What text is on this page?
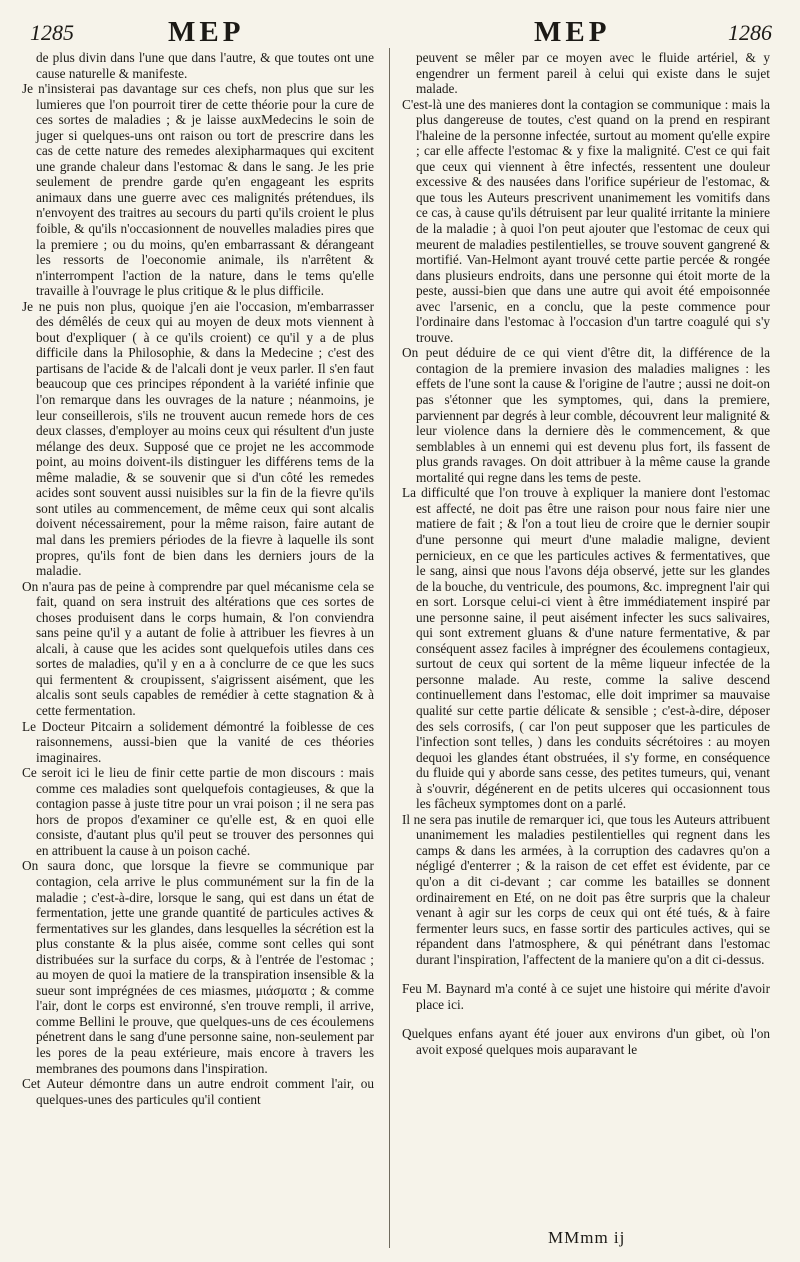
1285	MEP	MEP	1286

de plus divin dans l'une que dans l'autre, & que toutes ont une cause naturelle & manifeste.

Je n'insisterai pas davantage sur ces chefs, non plus que sur les lumieres que l'on pourroit tirer de cette théorie pour la cure de ces sortes de maladies ; & je laisse auxMedecins le soin de juger si quelques-uns ont raison ou tort de prescrire dans les cas de cette nature des remedes alexipharmaques qui excitent une grande chaleur dans l'estomac & dans le sang. Je les prie seulement de prendre garde qu'en engageant les esprits animaux dans une guerre avec ces malignités prétendues, ils n'envoyent des traitres au secours du parti qu'ils croient le plus foible, & qu'ils n'occasionnent de nouvelles maladies pires que la premiere ; ou du moins, qu'en embarrassant & dérangeant les ressorts de l'oeconomie animale, ils n'arrêtent & n'interrompent l'action de la nature, dans le tems qu'elle travaille à l'ouvrage le plus critique & le plus difficile.

Je ne puis non plus, quoique j'en aie l'occasion, m'embarrasser des démêlés de ceux qui au moyen de deux mots viennent à bout d'expliquer ( à ce qu'ils croient) ce qu'il y a de plus difficile dans la Philosophie, & dans la Medecine ; c'est des partisans de l'acide & de l'alcali dont je veux parler. Il s'en faut beaucoup que ces principes répondent à la variété infinie que l'on remarque dans les ouvrages de la nature ; néanmoins, je leur conseillerois, s'ils ne trouvent aucun remede hors de ces deux classes, d'employer au moins ceux qui résultent d'un juste mélange des deux. Supposé que ce projet ne les accommode point, au moins doivent-ils distinguer les différens tems de la même maladie, & se souvenir que si d'un côté les remedes acides sont souvent aussi nuisibles sur la fin de la fievre qu'ils sont utiles au commencement, de même ceux qui sont alcalis doivent nécessairement, pour la même raison, faire autant de mal dans les premiers périodes de la fievre à laquelle ils sont propres, qu'ils font de bien dans les derniers jours de la maladie.

On n'aura pas de peine à comprendre par quel mécanisme cela se fait, quand on sera instruit des altérations que ces sortes de choses produisent dans le corps humain, & l'on conviendra sans peine qu'il y a autant de folie à attribuer les fievres à un alcali, à cause que les acides sont quelquefois utiles dans ces sortes de maladies, qu'il y en a à conclurre de ce que les sucs qui fermentent & croupissent, s'aigrissent aisément, que les alcalis sont seuls capables de remédier à cette stagnation & à cette fermentation.

Le Docteur Pitcairn a solidement démontré la foiblesse de ces raisonnemens, aussi-bien que la vanité de ces théories imaginaires.

Ce seroit ici le lieu de finir cette partie de mon discours : mais comme ces maladies sont quelquefois contagieuses, & que la contagion passe à juste titre pour un vrai poison ; il ne sera pas hors de propos d'examiner ce qu'elle est, & en quoi elle consiste, d'autant plus qu'il peut se trouver des personnes qui en attribuent la cause à un poison caché.

On saura donc, que lorsque la fievre se communique par contagion, cela arrive le plus communément sur la fin de la maladie ; c'est-à-dire, lorsque le sang, qui est dans un état de fermentation, jette une grande quantité de particules actives & fermentatives sur les glandes, dans lesquelles la sécrétion est la plus constante & la plus aisée, comme sont celles qui sont distribuées sur la surface du corps, & à l'entrée de l'estomac ; au moyen de quoi la matiere de la transpiration insensible & la sueur sont imprégnées de ces miasmes, μιάσματα ; & comme l'air, dont le corps est environné, s'en trouve rempli, il arrive, comme Bellini le prouve, que quelques-uns de ces écoulemens pénetrent dans le sang d'une personne saine, non-seulement par les pores de la peau extérieure, mais encore à travers les membranes des poumons dans l'inspiration.

Cet Auteur démontre dans un autre endroit comment l'air, ou quelques-unes des particules qu'il contient

peuvent se mêler par ce moyen avec le fluide artériel, & y engendrer un ferment pareil à celui qui existe dans le sujet malade.

C'est-là une des manieres dont la contagion se communique : mais la plus dangereuse de toutes, c'est quand on la prend en respirant l'haleine de la personne infectée, surtout au moment qu'elle expire ; car elle affecte l'estomac & y fixe la malignité. C'est ce qui fait que ceux qui viennent à être infectés, ressentent une douleur excessive & des nausées dans l'orifice supérieur de l'estomac, & que tous les Auteurs prescrivent unanimement les vomitifs dans ce cas, à cause qu'ils détruisent par leur qualité irritante la miniere de la maladie ; à quoi l'on peut ajouter que l'estomac de ceux qui meurent de maladies pestilentielles, se trouve souvent gangrené & mortifié. Van-Helmont ayant trouvé cette partie percée & rongée dans plusieurs endroits, dans une personne qui étoit morte de la peste, aussi-bien que dans une autre qui avoit été empoisonnée avec l'arsenic, en a conclu, que la peste commence pour l'ordinaire dans l'estomac à l'occasion d'un tartre coagulé qui s'y trouve.

On peut déduire de ce qui vient d'être dit, la différence de la contagion de la premiere invasion des maladies malignes : les effets de l'une sont la cause & l'origine de l'autre ; aussi ne doit-on pas s'étonner que les symptomes, qui, dans la premiere, parviennent par degrés à leur comble, découvrent leur malignité & leur violence dans la derniere dès le commencement, & que semblables à un ennemi qui est devenu plus fort, ils fassent de plus grands ravages. On doit attribuer à la même cause la grande mortalité qui regne dans les tems de peste.

La difficulté que l'on trouve à expliquer la maniere dont l'estomac est affecté, ne doit pas être une raison pour nous faire nier une matiere de fait ; & l'on a tout lieu de croire que le dernier soupir d'une personne qui meurt d'une maladie maligne, devient pernicieux, en ce que les particules actives & fermentatives, que le sang, ainsi que nous l'avons déja observé, jette sur les glandes de la bouche, du ventricule, des poumons, &c. impregnent l'air qui en sort. Lorsque celui-ci vient à être immédiatement inspiré par une personne saine, il peut aisément infecter les sucs salivaires, qui sont extrement gluans & d'une nature fermentative, & par conséquent assez faciles à imprégner des écoulemens contagieux, surtout de ceux qui sortent de la même liqueur infectée de la personne malade. Au reste, comme la salive descend continuellement dans l'estomac, elle doit imprimer sa mauvaise qualité sur cette partie délicate & sensible ; c'est-à-dire, déposer des sels corrosifs, ( car l'on peut supposer que les particules de l'infection sont telles, ) dans les conduits sécrétoires : au moyen dequoi les glandes étant obstruées, il s'y forme, en conséquence du fluide qui y aborde sans cesse, des petites tumeurs, qui, venant à s'ouvrir, dégénerent en de petits ulceres qui occasionnent tous les fâcheux symptomes dont on a parlé.

Il ne sera pas inutile de remarquer ici, que tous les Auteurs attribuent unanimement les maladies pestilentielles qui regnent dans les camps & dans les armées, à la corruption des cadavres qu'on a négligé d'enterrer ; & la raison de cet effet est évidente, par ce qu'on a dit ci-devant ; car comme les batailles se donnent ordinairement en Eté, on ne doit pas être surpris que la chaleur venant à agir sur les corps de ceux qui ont été tués, & à faire fermenter leurs sucs, en fasse sortir des particules actives, qui se répandent dans l'atmosphere, & qui pénétrant dans l'estomac durant l'inspiration, l'affectent de la maniere qu'on a dit ci-dessus.

Feu M. Baynard m'a conté à ce sujet une histoire qui mérite d'avoir place ici.

Quelques enfans ayant été jouer aux environs d'un gibet, où l'on avoit exposé quelques mois auparavant le

MMmm ij
